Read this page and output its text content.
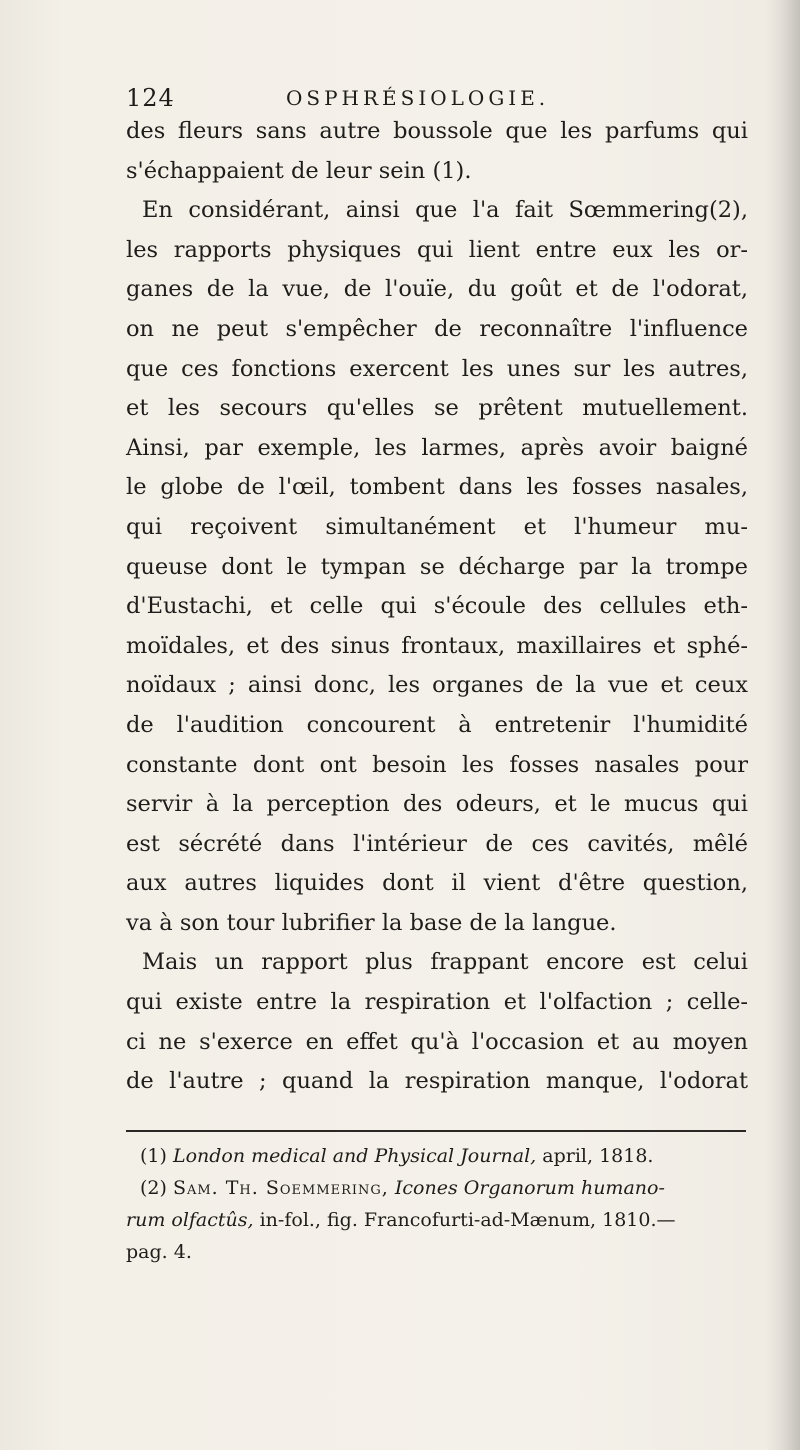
124	OSPHRÉSIOLOGIE.
des fleurs sans autre boussole que les parfums qui
s'échappaient de leur sein (1).
En considérant, ainsi que l'a fait Sœmmering(2),
les rapports physiques qui lient entre eux les or-
ganes de la vue, de l'ouïe, du goût et de l'odorat,
on ne peut s'empêcher de reconnaître l'influence
que ces fonctions exercent les unes sur les autres,
et les secours qu'elles se prêtent mutuellement.
Ainsi, par exemple, les larmes, après avoir baigné
le globe de l'œil, tombent dans les fosses nasales,
qui reçoivent simultanément et l'humeur mu-
queuse dont le tympan se décharge par la trompe
d'Eustachi, et celle qui s'écoule des cellules eth-
moïdales, et des sinus frontaux, maxillaires et sphé-
noïdaux ; ainsi donc, les organes de la vue et ceux
de l'audition concourent à entretenir l'humidité
constante dont ont besoin les fosses nasales pour
servir à la perception des odeurs, et le mucus qui
est sécrété dans l'intérieur de ces cavités, mêlé
aux autres liquides dont il vient d'être question,
va à son tour lubrifier la base de la langue.
Mais un rapport plus frappant encore est celui
qui existe entre la respiration et l'olfaction ; celle-
ci ne s'exerce en effet qu'à l'occasion et au moyen
de l'autre ; quand la respiration manque, l'odorat
(1) London medical and Physical Journal, april, 1818.
(2) Sam. Th. Soemmering, Icones Organorum humano-
rum olfactûs, in-fol., fig. Francofurti-ad-Mænum, 1810.—
pag. 4.
